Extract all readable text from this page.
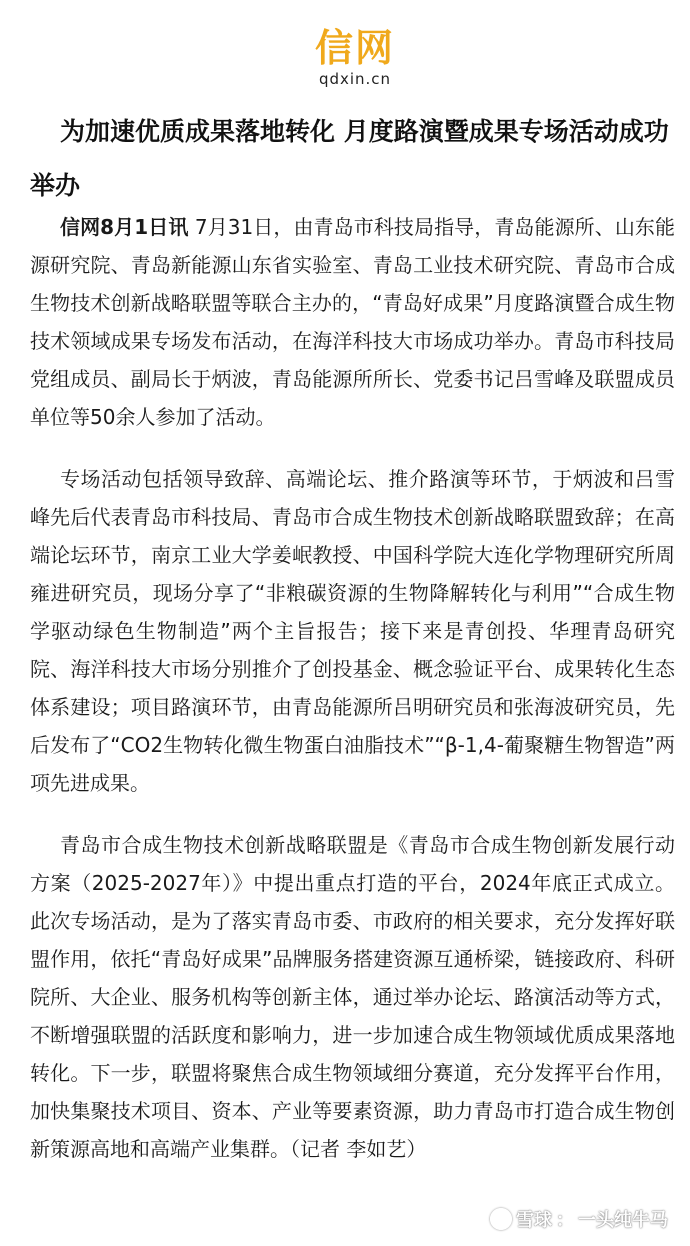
信网
qdxin.cn
为加速优质成果落地转化 月度路演暨成果专场活动成功举办

信网8月1日讯 7月31日，由青岛市科技局指导，青岛能源所、山东能源研究院、青岛新能源山东省实验室、青岛工业技术研究院、青岛市合成生物技术创新战略联盟等联合主办的，“青岛好成果”月度路演暨合成生物技术领域成果专场发布活动，在海洋科技大市场成功举办。青岛市科技局党组成员、副局长于炳波，青岛能源所所长、党委书记吕雪峰及联盟成员单位等50余人参加了活动。

专场活动包括领导致辞、高端论坛、推介路演等环节，于炳波和吕雪峰先后代表青岛市科技局、青岛市合成生物技术创新战略联盟致辞；在高端论坛环节，南京工业大学姜岷教授、中国科学院大连化学物理研究所周雍进研究员，现场分享了“非粮碳资源的生物降解转化与利用”“合成生物学驱动绿色生物制造”两个主旨报告；接下来是青创投、华理青岛研究院、海洋科技大市场分别推介了创投基金、概念验证平台、成果转化生态体系建设；项目路演环节，由青岛能源所吕明研究员和张海波研究员，先后发布了“CO2生物转化微生物蛋白油脂技术”“β-1,4-葡聚糖生物智造”两项先进成果。

青岛市合成生物技术创新战略联盟是《青岛市合成生物创新发展行动方案（2025-2027年）》中提出重点打造的平台，2024年底正式成立。此次专场活动，是为了落实青岛市委、市政府的相关要求，充分发挥好联盟作用，依托“青岛好成果”品牌服务搭建资源互通桥梁，链接政府、科研院所、大企业、服务机构等创新主体，通过举办论坛、路演活动等方式，不断增强联盟的活跃度和影响力，进一步加速合成生物领域优质成果落地转化。下一步，联盟将聚焦合成生物领域细分赛道，充分发挥平台作用，加快集聚技术项目、资本、产业等要素资源，助力青岛市打造合成生物创新策源高地和高端产业集群。（记者 李如艺）

雪球 ： 一头纯牛马
